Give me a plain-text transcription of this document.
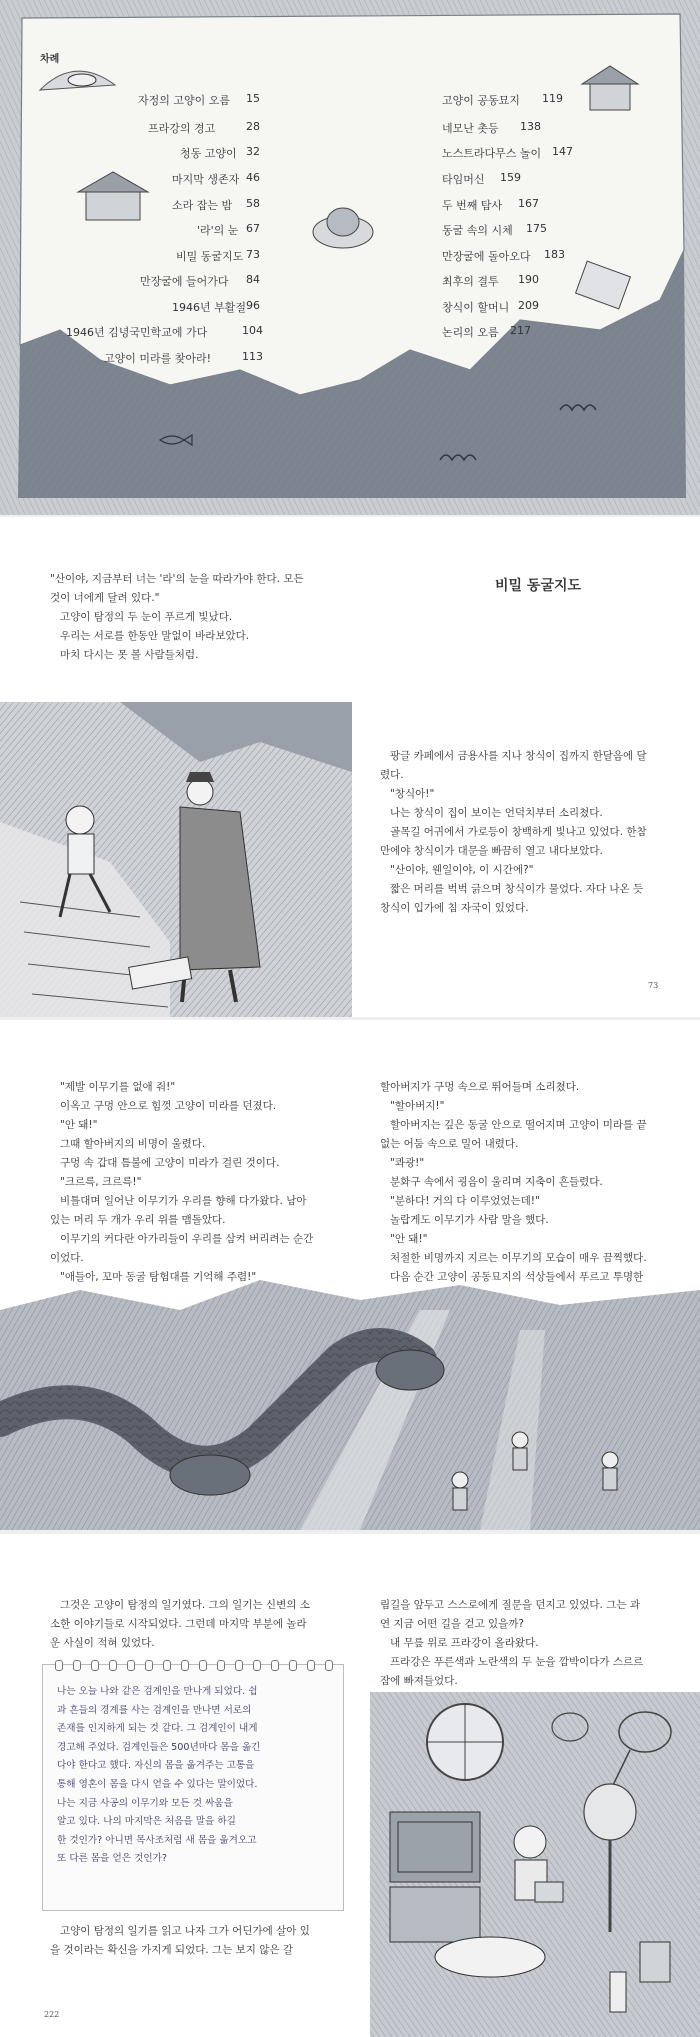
차례
자정의 고양이 오름 15
프라강의 경고	28
청동 고양이 32
마지막 생존자 46
소라 잡는 밤 58
'라'의 눈 67
비밀 동굴지도 73
만장굴에 들어가다 84
1946년 부활절 96
1946년 김녕국민학교에 가다	104
고양이 미라를 찾아라!	113
고양이 공동묘지 119
네모난 촛등 138
노스트라다무스 놀이 147
타임머신 159
두 번째 탐사 167
동굴 속의 시체 175
만장굴에 돌아오다 183
최후의 결투 190
창식이 할머니 209
논리의 오름 217

"산이야, 지금부터 너는 '라'의 눈을 따라가야 한다. 모든

것이 너에게 달려 있다."

고양이 탐정의 두 눈이 푸르게 빛났다.

우리는 서로를 한동안 말없이 바라보았다.

마치 다시는 못 볼 사람들처럼.

비밀 동굴지도

팡글 카페에서 금용사를 지나 창식이 집까지 한달음에 달

렸다.

"창식아!"

나는 창식이 집이 보이는 언덕치부터 소리쳤다.

골목길 어귀에서 가로등이 창백하게 빛나고 있었다. 한참

만에야 창식이가 대문을 빠끔히 열고 내다보았다.

"산이야, 웬일이야, 이 시간에?"

짧은 머리를 벅벅 긁으며 창식이가 물었다. 자다 나온 듯

창식이 입가에 침 자국이 있었다.

73

"제발 이무기를 없애 줘!"

이옥고 구멍 안으로 힘껏 고양이 미라를 던졌다.

"안 돼!"

그때 할아버지의 비명이 울렸다.

구멍 속 갑대 틈불에 고양이 미라가 걸린 것이다.

"크르륵, 크르륵!"

비틀대며 일어난 이무기가 우리를 향해 다가왔다. 남아

있는 머리 두 개가 우리 위를 맴돌았다.

이무기의 커다란 아가리들이 우리를 삼켜 버리려는 순간

이었다.

"애들아, 꼬마 동굴 탐험대를 기억해 주렴!"

할아버지가 구멍 속으로 뛰어들며 소리쳤다.

"할아버지!"

할아버지는 깊은 동굴 안으로 떨어지며 고양이 미라를 끝

없는 어둠 속으로 밀어 내렸다.

"콰광!"

분화구 속에서 굉음이 울리며 지축이 흔들렸다.

"분하다! 거의 다 이루었었는데!"

놀랍게도 이무기가 사람 말을 했다.

"안 돼!"

처절한 비명까지 지르는 이무기의 모습이 매우 끔찍했다.

다음 순간 고양이 공동묘지의 석상들에서 푸르고 투명한

그것은 고양이 탐정의 일기였다. 그의 일기는 신변의 소

소한 이야기들로 시작되었다. 그런데 마지막 부분에 놀라

운 사실이 적혀 있었다.

나는 오늘 나와 같은 검계인을 만나게 되었다. 쉽

과 흔들의 경계를 사는 검계인을 만나면 서로의

존재를 인지하게 되는 것 같다. 그 검계인이 내게

경고해 주었다. 검계인들은 500년마다 몸을 옮긴

다야 한다고 했다. 자신의 몸을 옮겨주는 고통을

통해 영혼이 몸을 다시 얻을 수 있다는 말이었다.

나는 지금 사공의 이무기와 모든 것 싸움을

알고 있다. 나의 마지막은 처음을 말을 하길

한 것인가? 아니면 목사조처럼 새 몸을 옮겨오고

또 다른 몸을 얻은 것인가?

고양이 탐정의 일기를 읽고 나자 그가 어딘가에 살아 있

을 것이라는 확신을 가지게 되었다. 그는 보지 않은 갈

222

림길을 앞두고 스스로에게 질문을 던지고 있었다. 그는 과

연 지금 어떤 길을 걷고 있을까?

내 무릎 위로 프라강이 올라왔다.

프라강은 푸른색과 노란색의 두 눈을 깜박이다가 스르르

잠에 빠져들었다.
